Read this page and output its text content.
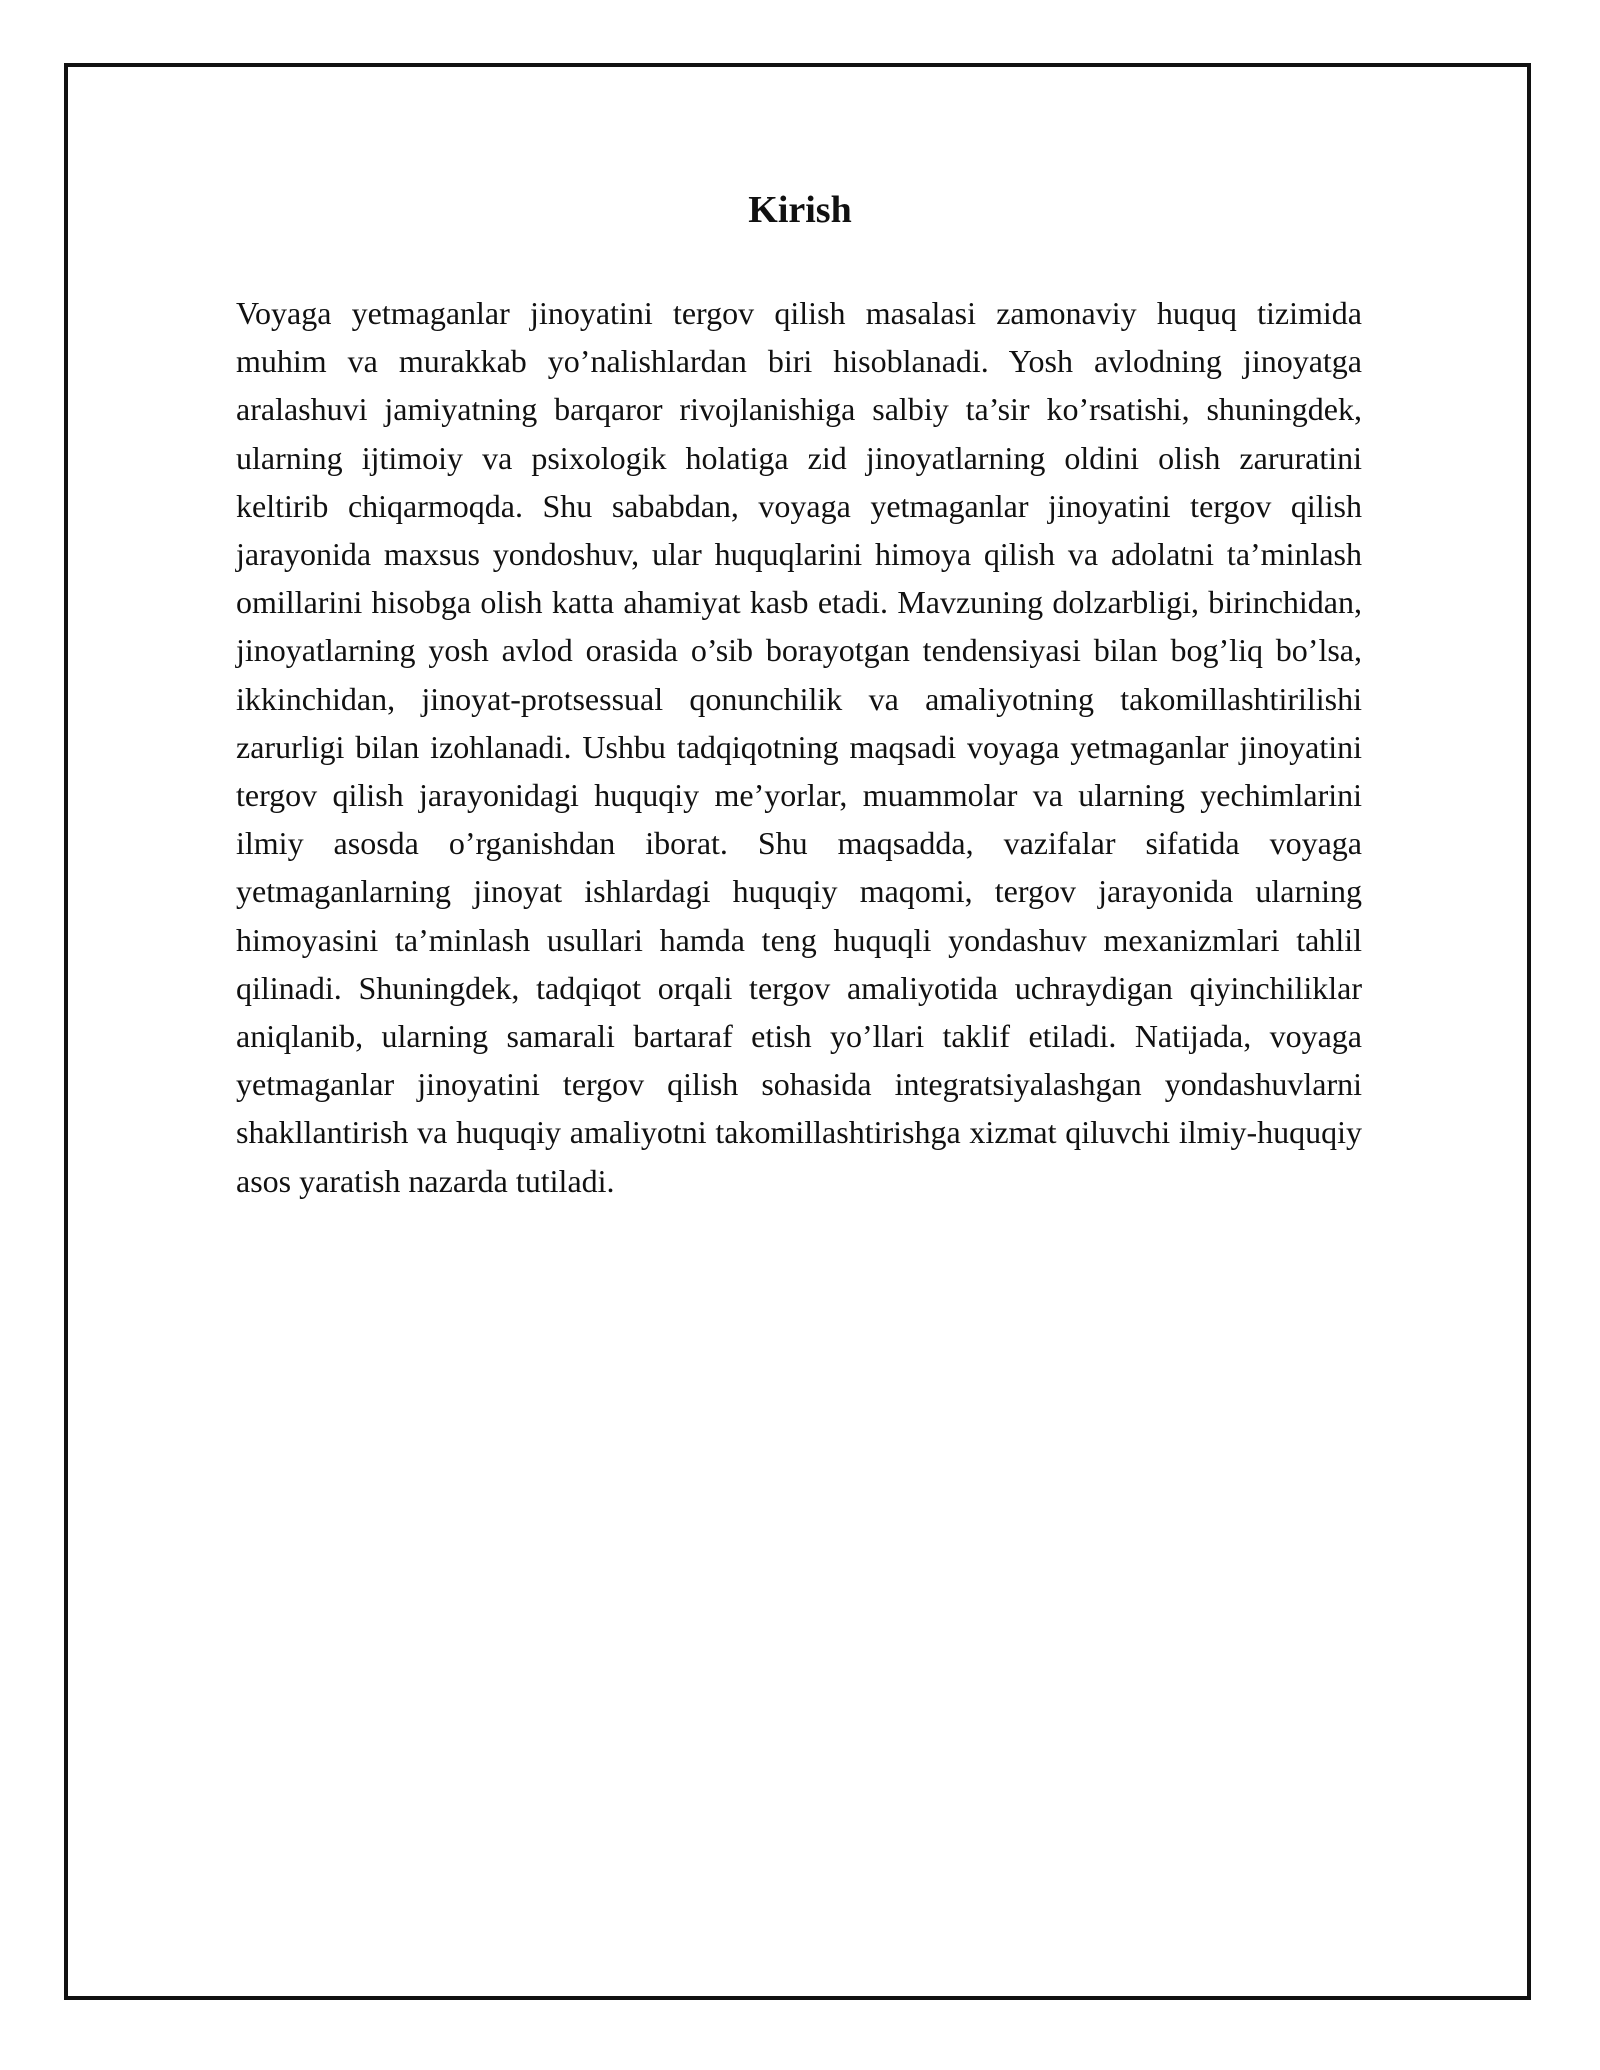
Kirish

Voyaga yetmaganlar jinoyatini tergov qilish masalasi zamonaviy huquq tizimida muhim va murakkab yo’nalishlardan biri hisoblanadi. Yosh avlodning jinoyatga aralashuvi jamiyatning barqaror rivojlanishiga salbiy ta’sir ko’rsatishi, shuningdek, ularning ijtimoiy va psixologik holatiga zid jinoyatlarning oldini olish zaruratini keltirib chiqarmoqda. Shu sababdan, voyaga yetmaganlar jinoyatini tergov qilish jarayonida maxsus yondoshuv, ular huquqlarini himoya qilish va adolatni ta’minlash omillarini hisobga olish katta ahamiyat kasb etadi. Mavzuning dolzarbligi, birinchidan, jinoyatlarning yosh avlod orasida o’sib borayotgan tendensiyasi bilan bog’liq bo’lsa, ikkinchidan, jinoyat-protsessual qonunchilik va amaliyotning takomillashtirilishi zarurligi bilan izohlanadi. Ushbu tadqiqotning maqsadi voyaga yetmaganlar jinoyatini tergov qilish jarayonidagi huquqiy me’yorlar, muammolar va ularning yechimlarini ilmiy asosda o’rganishdan iborat. Shu maqsadda, vazifalar sifatida voyaga yetmaganlarning jinoyat ishlardagi huquqiy maqomi, tergov jarayonida ularning himoyasini ta’minlash usullari hamda teng huquqli yondashuv mexanizmlari tahlil qilinadi. Shuningdek, tadqiqot orqali tergov amaliyotida uchraydigan qiyinchiliklar aniqlanib, ularning samarali bartaraf etish yo’llari taklif etiladi. Natijada, voyaga yetmaganlar jinoyatini tergov qilish sohasida integratsiyalashgan yondashuvlarni shakllantirish va huquqiy amaliyotni takomillashtirishga xizmat qiluvchi ilmiy-huquqiy asos yaratish nazarda tutiladi.
